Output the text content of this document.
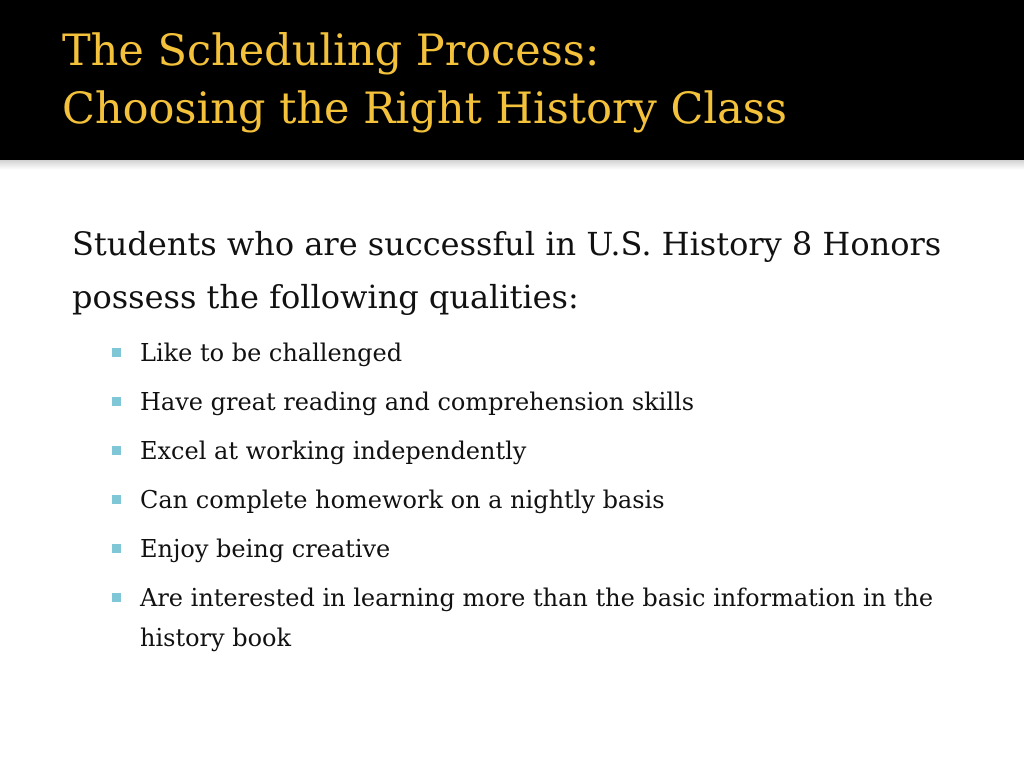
The Scheduling Process:
Choosing the Right History Class

Students who are successful in U.S. History 8 Honors possess the following qualities:

Like to be challenged
Have great reading and comprehension skills
Excel at working independently
Can complete homework on a nightly basis
Enjoy being creative
Are interested in learning more than the basic information in the history book
